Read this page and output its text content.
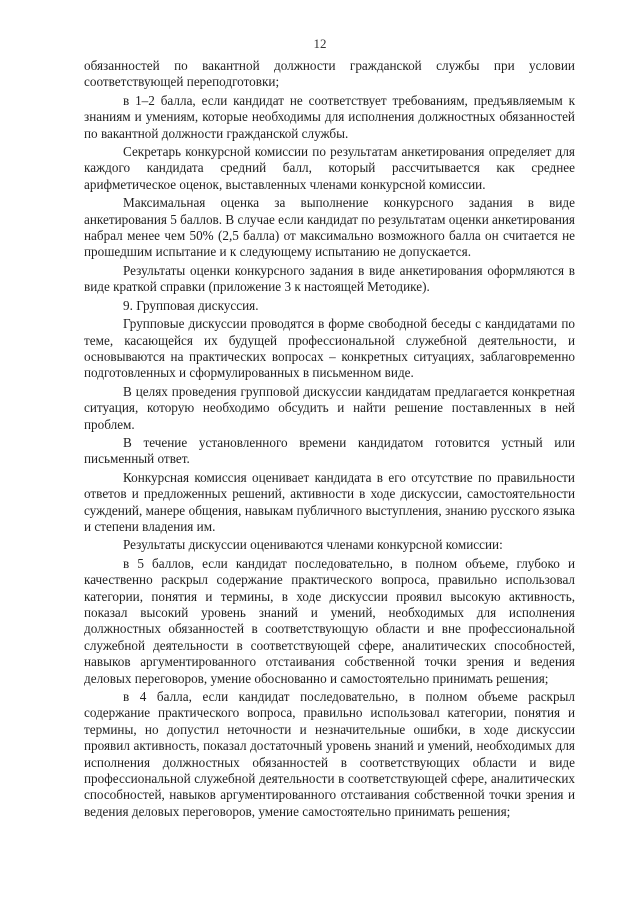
12

обязанностей по вакантной должности гражданской службы при условии соответствующей переподготовки;

в 1–2 балла, если кандидат не соответствует требованиям, предъявляемым к знаниям и умениям, которые необходимы для исполнения должностных обязанностей по вакантной должности гражданской службы.

Секретарь конкурсной комиссии по результатам анкетирования определяет для каждого кандидата средний балл, который рассчитывается как среднее арифметическое оценок, выставленных членами конкурсной комиссии.

Максимальная оценка за выполнение конкурсного задания в виде анкетирования 5 баллов. В случае если кандидат по результатам оценки анкетирования набрал менее чем 50% (2,5 балла) от максимально возможного балла он считается не прошедшим испытание и к следующему испытанию не допускается.

Результаты оценки конкурсного задания в виде анкетирования оформляются в виде краткой справки (приложение 3 к настоящей Методике).

9. Групповая дискуссия.

Групповые дискуссии проводятся в форме свободной беседы с кандидатами по теме, касающейся их будущей профессиональной служебной деятельности, и основываются на практических вопросах – конкретных ситуациях, заблаговременно подготовленных и сформулированных в письменном виде.

В целях проведения групповой дискуссии кандидатам предлагается конкретная ситуация, которую необходимо обсудить и найти решение поставленных в ней проблем.

В течение установленного времени кандидатом готовится устный или письменный ответ.

Конкурсная комиссия оценивает кандидата в его отсутствие по правильности ответов и предложенных решений, активности в ходе дискуссии, самостоятельности суждений, манере общения, навыкам публичного выступления, знанию русского языка и степени владения им.

Результаты дискуссии оцениваются членами конкурсной комиссии:

в 5 баллов, если кандидат последовательно, в полном объеме, глубоко и качественно раскрыл содержание практического вопроса, правильно использовал категории, понятия и термины, в ходе дискуссии проявил высокую активность, показал высокий уровень знаний и умений, необходимых для исполнения должностных обязанностей в соответствующую области и вне профессиональной служебной деятельности в соответствующей сфере, аналитических способностей, навыков аргументированного отстаивания собственной точки зрения и ведения деловых переговоров, умение обоснованно и самостоятельно принимать решения;

в 4 балла, если кандидат последовательно, в полном объеме раскрыл содержание практического вопроса, правильно использовал категории, понятия и термины, но допустил неточности и незначительные ошибки, в ходе дискуссии проявил активность, показал достаточный уровень знаний и умений, необходимых для исполнения должностных обязанностей в соответствующих области и виде профессиональной служебной деятельности в соответствующей сфере, аналитических способностей, навыков аргументированного отстаивания собственной точки зрения и ведения деловых переговоров, умение самостоятельно принимать решения;
